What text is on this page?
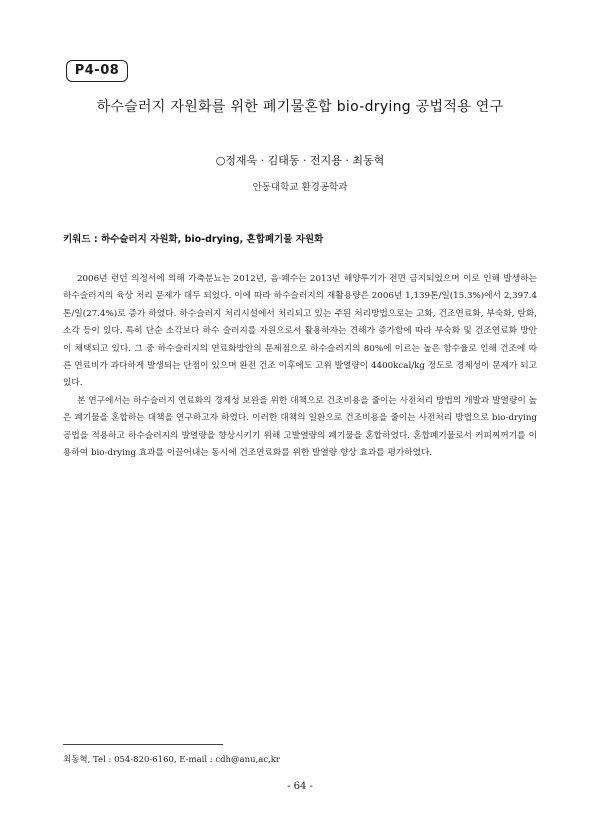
P4-08
하수슬러지 자원화를 위한 폐기물혼합 bio-drying 공법적용 연구
○정재욱 · 김태동 · 전지용 · 최동혁
안동대학교 환경공학과
키워드 : 하수슬러지 자원화, bio-drying, 혼합폐기물 자원화

2006년 런던 의정서에 의해 가축분뇨는 2012년, 음·폐수는 2013년 해양투기가 전면 금지되었으며 이로 인해 발생하는 하수슬러지의 육상 처리 문제가 대두 되었다. 이에 따라 하수슬러지의 재활용량은 2006년 1,139톤/일(15.3%)에서 2,397.4톤/일(27.4%)로 증가 하였다. 하수슬러지 처리시설에서 처리되고 있는 주된 처리방법으로는 고화, 건조연료화, 부숙화, 탄화, 소각 등이 있다. 특히 단순 소각보다 하수 슬러지를 자원으로서 활용하자는 견해가 증가함에 따라 부숙화 및 건조연료화 방안이 채택되고 있다. 그 중 하수슬러지의 연료화방안의 문제점으로 하수슬러지의 80%에 이르는 높은 함수율로 인해 건조에 따른 연료비가 과다하게 발생되는 단점이 있으며 완전 건조 이후에도 고위 발열량이 4400kcal/kg 정도로 경제성이 문제가 되고 있다.

본 연구에서는 하수슬러지 연료화의 경제성 보완을 위한 대책으로 건조비용을 줄이는 사전처리 방법의 개발과 발열량이 높은 폐기물을 혼합하는 대책을 연구하고자 하였다. 이러한 대책의 일환으로 건조비용을 줄이는 사전처리 방법으로 bio-drying공법을 적용하고 하수슬러지의 발열량을 향상시키기 위해 고발열량의 폐기물을 혼합하였다. 혼합폐기물로서 커피찌꺼기를 이용하여 bio-drying 효과를 이끌어내는 동시에 건조연료화를 위한 발열량 향상 효과를 평가하였다.

최동혁, Tel : 054-820-6160, E-mail : cdh@anu,ac,kr
- 64 -
